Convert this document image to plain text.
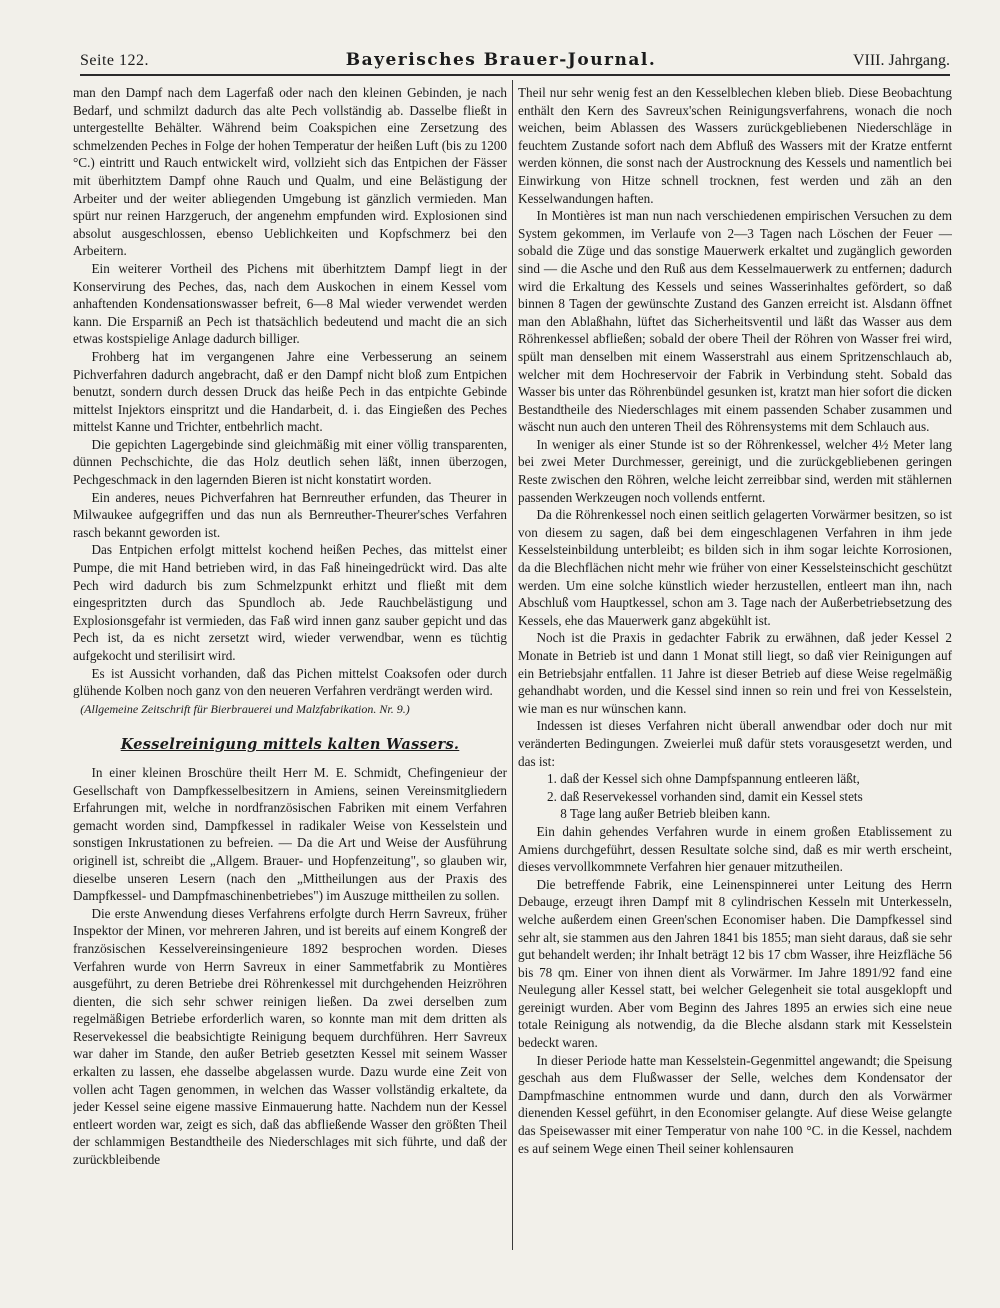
Seite 122.	Bayerisches Brauer-Journal.	VIII. Jahrgang.

man den Dampf nach dem Lagerfaß oder nach den kleinen Gebinden, je nach Bedarf, und schmilzt dadurch das alte Pech vollständig ab. Dasselbe fließt in untergestellte Behälter. Während beim Coakspichen eine Zersetzung des schmelzenden Peches in Folge der hohen Temperatur der heißen Luft (bis zu 1200 °C.) eintritt und Rauch entwickelt wird, vollzieht sich das Entpichen der Fässer mit überhitztem Dampf ohne Rauch und Qualm, und eine Belästigung der Arbeiter und der weiter abliegenden Umgebung ist gänzlich vermieden. Man spürt nur reinen Harzgeruch, der angenehm empfunden wird. Explosionen sind absolut ausgeschlossen, ebenso Ueblichkeiten und Kopfschmerz bei den Arbeitern.

Ein weiterer Vortheil des Pichens mit überhitztem Dampf liegt in der Konservirung des Peches, das, nach dem Auskochen in einem Kessel vom anhaftenden Kondensationswasser befreit, 6—8 Mal wieder verwendet werden kann. Die Ersparniß an Pech ist thatsächlich bedeutend und macht die an sich etwas kostspielige Anlage dadurch billiger.

Frohberg hat im vergangenen Jahre eine Verbesserung an seinem Pichverfahren dadurch angebracht, daß er den Dampf nicht bloß zum Entpichen benutzt, sondern durch dessen Druck das heiße Pech in das entpichte Gebinde mittelst Injektors einspritzt und die Handarbeit, d. i. das Eingießen des Peches mittelst Kanne und Trichter, entbehrlich macht.

Die gepichten Lagergebinde sind gleichmäßig mit einer völlig transparenten, dünnen Pechschichte, die das Holz deutlich sehen läßt, innen überzogen, Pechgeschmack in den lagernden Bieren ist nicht konstatirt worden.

Ein anderes, neues Pichverfahren hat Bernreuther erfunden, das Theurer in Milwaukee aufgegriffen und das nun als Bernreuther-Theurer'sches Verfahren rasch bekannt geworden ist.

Das Entpichen erfolgt mittelst kochend heißen Peches, das mittelst einer Pumpe, die mit Hand betrieben wird, in das Faß hineingedrückt wird. Das alte Pech wird dadurch bis zum Schmelzpunkt erhitzt und fließt mit dem eingespritzten durch das Spundloch ab. Jede Rauchbelästigung und Explosionsgefahr ist vermieden, das Faß wird innen ganz sauber gepicht und das Pech ist, da es nicht zersetzt wird, wieder verwendbar, wenn es tüchtig aufgekocht und sterilisirt wird.

Es ist Aussicht vorhanden, daß das Pichen mittelst Coaksofen oder durch glühende Kolben noch ganz von den neueren Verfahren verdrängt werden wird.

(Allgemeine Zeitschrift für Bierbrauerei und Malzfabrikation. Nr. 9.)

Kesselreinigung mittels kalten Wassers.

In einer kleinen Broschüre theilt Herr M. E. Schmidt, Chefingenieur der Gesellschaft von Dampfkesselbesitzern in Amiens, seinen Vereinsmitgliedern Erfahrungen mit, welche in nordfranzösischen Fabriken mit einem Verfahren gemacht worden sind, Dampfkessel in radikaler Weise von Kesselstein und sonstigen Inkrustationen zu befreien. — Da die Art und Weise der Ausführung originell ist, schreibt die „Allgem. Brauer- und Hopfenzeitung", so glauben wir, dieselbe unseren Lesern (nach den „Mittheilungen aus der Praxis des Dampfkessel- und Dampfmaschinenbetriebes") im Auszuge mittheilen zu sollen.

Die erste Anwendung dieses Verfahrens erfolgte durch Herrn Savreux, früher Inspektor der Minen, vor mehreren Jahren, und ist bereits auf einem Kongreß der französischen Kesselvereinsingenieure 1892 besprochen worden. Dieses Verfahren wurde von Herrn Savreux in einer Sammetfabrik zu Montières ausgeführt, zu deren Betriebe drei Röhrenkessel mit durchgehenden Heizröhren dienten, die sich sehr schwer reinigen ließen. Da zwei derselben zum regelmäßigen Betriebe erforderlich waren, so konnte man mit dem dritten als Reservekessel die beabsichtigte Reinigung bequem durchführen. Herr Savreux war daher im Stande, den außer Betrieb gesetzten Kessel mit seinem Wasser erkalten zu lassen, ehe dasselbe abgelassen wurde. Dazu wurde eine Zeit von vollen acht Tagen genommen, in welchen das Wasser vollständig erkaltete, da jeder Kessel seine eigene massive Einmauerung hatte. Nachdem nun der Kessel entleert worden war, zeigt es sich, daß das abfließende Wasser den größten Theil der schlammigen Bestandtheile des Niederschlages mit sich führte, und daß der zurückbleibende

Theil nur sehr wenig fest an den Kesselblechen kleben blieb. Diese Beobachtung enthält den Kern des Savreux'schen Reinigungsverfahrens, wonach die noch weichen, beim Ablassen des Wassers zurückgebliebenen Niederschläge in feuchtem Zustande sofort nach dem Abfluß des Wassers mit der Kratze entfernt werden können, die sonst nach der Austrocknung des Kessels und namentlich bei Einwirkung von Hitze schnell trocknen, fest werden und zäh an den Kesselwandungen haften.

In Montières ist man nun nach verschiedenen empirischen Versuchen zu dem System gekommen, im Verlaufe von 2—3 Tagen nach Löschen der Feuer — sobald die Züge und das sonstige Mauerwerk erkaltet und zugänglich geworden sind — die Asche und den Ruß aus dem Kesselmauerwerk zu entfernen; dadurch wird die Erkaltung des Kessels und seines Wasserinhaltes gefördert, so daß binnen 8 Tagen der gewünschte Zustand des Ganzen erreicht ist. Alsdann öffnet man den Ablaßhahn, lüftet das Sicherheitsventil und läßt das Wasser aus dem Röhrenkessel abfließen; sobald der obere Theil der Röhren von Wasser frei wird, spült man denselben mit einem Wasserstrahl aus einem Spritzenschlauch ab, welcher mit dem Hochreservoir der Fabrik in Verbindung steht. Sobald das Wasser bis unter das Röhrenbündel gesunken ist, kratzt man hier sofort die dicken Bestandtheile des Niederschlages mit einem passenden Schaber zusammen und wäscht nun auch den unteren Theil des Röhrensystems mit dem Schlauch aus.

In weniger als einer Stunde ist so der Röhrenkessel, welcher 4½ Meter lang bei zwei Meter Durchmesser, gereinigt, und die zurückgebliebenen geringen Reste zwischen den Röhren, welche leicht zerreibbar sind, werden mit stählernen passenden Werkzeugen noch vollends entfernt.

Da die Röhrenkessel noch einen seitlich gelagerten Vorwärmer besitzen, so ist von diesem zu sagen, daß bei dem eingeschlagenen Verfahren in ihm jede Kesselsteinbildung unterbleibt; es bilden sich in ihm sogar leichte Korrosionen, da die Blechflächen nicht mehr wie früher von einer Kesselsteinschicht geschützt werden. Um eine solche künstlich wieder herzustellen, entleert man ihn, nach Abschluß vom Hauptkessel, schon am 3. Tage nach der Außerbetriebsetzung des Kessels, ehe das Mauerwerk ganz abgekühlt ist.

Noch ist die Praxis in gedachter Fabrik zu erwähnen, daß jeder Kessel 2 Monate in Betrieb ist und dann 1 Monat still liegt, so daß vier Reinigungen auf ein Betriebsjahr entfallen. 11 Jahre ist dieser Betrieb auf diese Weise regelmäßig gehandhabt worden, und die Kessel sind innen so rein und frei von Kesselstein, wie man es nur wünschen kann.

Indessen ist dieses Verfahren nicht überall anwendbar oder doch nur mit veränderten Bedingungen. Zweierlei muß dafür stets vorausgesetzt werden, und das ist:

1. daß der Kessel sich ohne Dampfspannung entleeren läßt,

2. daß Reservekessel vorhanden sind, damit ein Kessel stets

8 Tage lang außer Betrieb bleiben kann.

Ein dahin gehendes Verfahren wurde in einem großen Etablissement zu Amiens durchgeführt, dessen Resultate solche sind, daß es mir werth erscheint, dieses vervollkommnete Verfahren hier genauer mitzutheilen.

Die betreffende Fabrik, eine Leinenspinnerei unter Leitung des Herrn Debauge, erzeugt ihren Dampf mit 8 cylindrischen Kesseln mit Unterkesseln, welche außerdem einen Green'schen Economiser haben. Die Dampfkessel sind sehr alt, sie stammen aus den Jahren 1841 bis 1855; man sieht daraus, daß sie sehr gut behandelt werden; ihr Inhalt beträgt 12 bis 17 cbm Wasser, ihre Heizfläche 56 bis 78 qm. Einer von ihnen dient als Vorwärmer. Im Jahre 1891/92 fand eine Neulegung aller Kessel statt, bei welcher Gelegenheit sie total ausgeklopft und gereinigt wurden. Aber vom Beginn des Jahres 1895 an erwies sich eine neue totale Reinigung als notwendig, da die Bleche alsdann stark mit Kesselstein bedeckt waren.

In dieser Periode hatte man Kesselstein-Gegenmittel angewandt; die Speisung geschah aus dem Flußwasser der Selle, welches dem Kondensator der Dampfmaschine entnommen wurde und dann, durch den als Vorwärmer dienenden Kessel geführt, in den Economiser gelangte. Auf diese Weise gelangte das Speisewasser mit einer Temperatur von nahe 100 °C. in die Kessel, nachdem es auf seinem Wege einen Theil seiner kohlensauren
